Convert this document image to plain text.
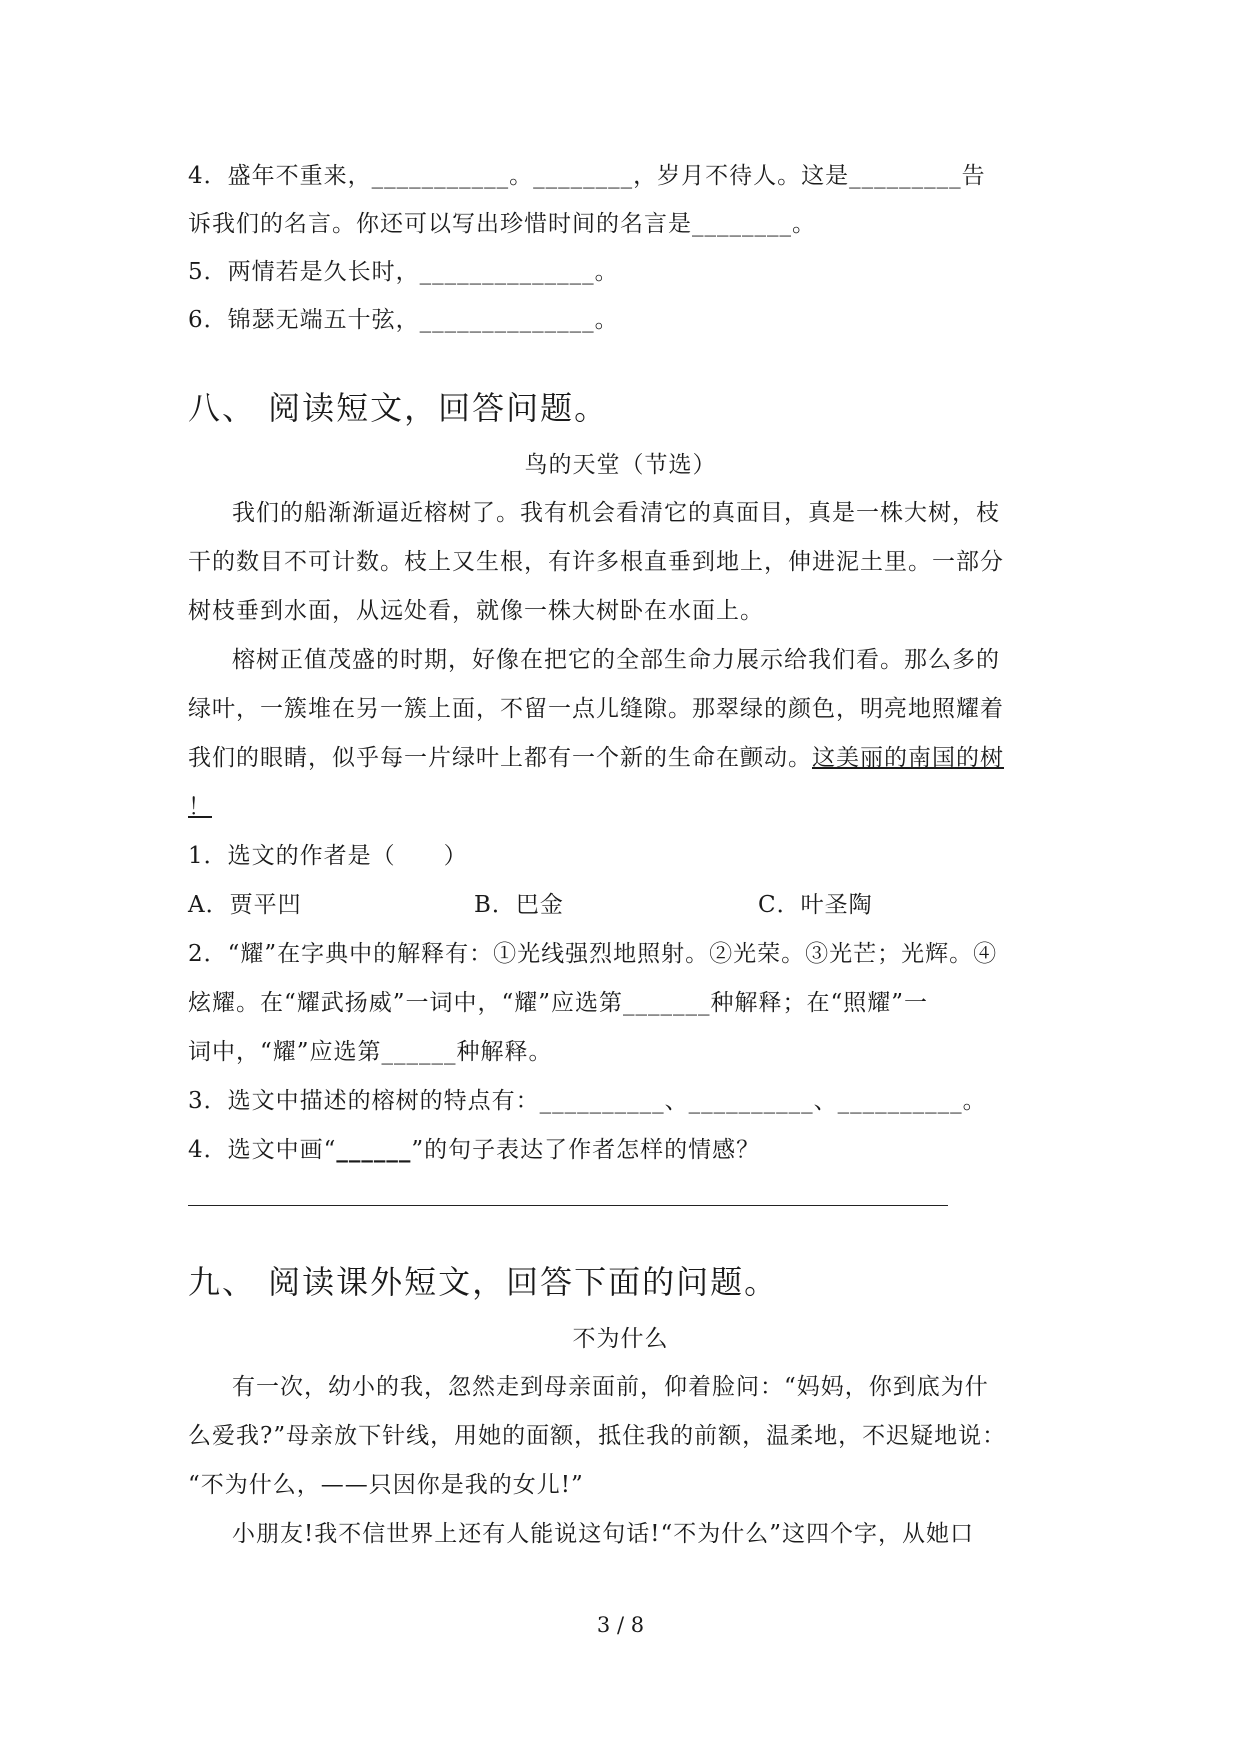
4．盛年不重来，___________。________，岁月不待人。这是_________告
诉我们的名言。你还可以写出珍惜时间的名言是________。
5．两情若是久长时，______________。
6．锦瑟无端五十弦，______________。
八、 阅读短文，回答问题。
鸟的天堂（节选）
我们的船渐渐逼近榕树了。我有机会看清它的真面目，真是一株大树，枝
干的数目不可计数。枝上又生根，有许多根直垂到地上，伸进泥土里。一部分
树枝垂到水面，从远处看，就像一株大树卧在水面上。
榕树正值茂盛的时期，好像在把它的全部生命力展示给我们看。那么多的
绿叶，一簇堆在另一簇上面，不留一点儿缝隙。那翠绿的颜色，明亮地照耀着
我们的眼睛，似乎每一片绿叶上都有一个新的生命在颤动。这美丽的南国的树
！
1．选文的作者是（　　）
A．贾平凹	B．巴金	C．叶圣陶
2．“耀”在字典中的解释有：①光线强烈地照射。②光荣。③光芒；光辉。④
炫耀。在“耀武扬威”一词中，“耀”应选第_______种解释；在“照耀”一
词中，“耀”应选第______种解释。
3．选文中描述的榕树的特点有：__________、__________、__________。
4．选文中画“______”的句子表达了作者怎样的情感？
九、 阅读课外短文，回答下面的问题。
不为什么
有一次，幼小的我，忽然走到母亲面前，仰着脸问：“妈妈，你到底为什
么爱我?”母亲放下针线，用她的面额，抵住我的前额，温柔地，不迟疑地说：
“不为什么，——只因你是我的女儿!”
小朋友!我不信世界上还有人能说这句话!“不为什么”这四个字，从她口
3 / 8
